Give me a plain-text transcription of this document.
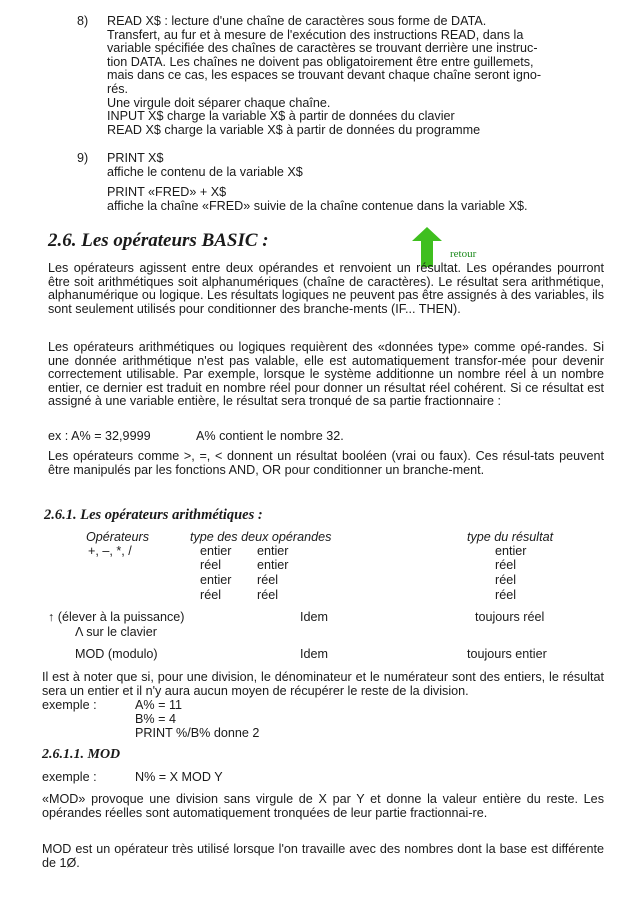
8) READ X$ : lecture d'une chaîne de caractères sous forme de DATA.
Transfert, au fur et à mesure de l'exécution des instructions READ, dans la
variable spécifiée des chaînes de caractères se trouvant derrière une instruc-
tion DATA. Les chaînes ne doivent pas obligatoirement être entre guillemets,
mais dans ce cas, les espaces se trouvant devant chaque chaîne seront igno-
rés.
Une virgule doit séparer chaque chaîne.
INPUT X$ charge la variable X$ à partir de données du clavier
READ X$ charge la variable X$ à partir de données du programme
9) PRINT X$
affiche le contenu de la variable X$
PRINT «FRED» + X$
affiche la chaîne «FRED» suivie de la chaîne contenue dans la variable X$.
2.6. Les opérateurs BASIC :
retour
Les opérateurs agissent entre deux opérandes et renvoient un résultat. Les opérandes pourront être soit arithmétiques soit alphanumériques (chaîne de caractères). Le résultat sera arithmétique, alphanumérique ou logique. Les résultats logiques ne peuvent pas être assignés à des variables, ils sont seulement utilisés pour conditionner des branche-ments (IF... THEN).
Les opérateurs arithmétiques ou logiques requièrent des «données type» comme opé-randes. Si une donnée arithmétique n'est pas valable, elle est automatiquement transfor-mée pour devenir correctement utilisable. Par exemple, lorsque le système additionne un nombre réel à un nombre entier, ce dernier est traduit en nombre réel pour donner un résultat réel cohérent. Si ce résultat est assigné à une variable entière, le résultat sera tronqué de sa partie fractionnaire :
ex : A% = 32,9999	A% contient le nombre 32.
Les opérateurs comme >, =, < donnent un résultat booléen (vrai ou faux). Ces résul-tats peuvent être manipulés par les fonctions AND, OR pour conditionner un branche-ment.
2.6.1. Les opérateurs arithmétiques :
Opérateurs	type des deux opérandes	type du résultat
+, –, *, /	entier entier	entier
réel	entier	réel
entier réel	réel
réel	réel	réel
↑ (élever à la puissance)	Idem	toujours réel
Λ sur le clavier
MOD (modulo)	Idem	toujours entier
Il est à noter que si, pour une division, le dénominateur et le numérateur sont des entiers, le résultat sera un entier et il n'y aura aucun moyen de récupérer le reste de la division.
exemple :	A% = 11
B% = 4
PRINT %/B% donne 2
2.6.1.1. MOD
exemple :	N% = X MOD Y
«MOD» provoque une division sans virgule de X par Y et donne la valeur entière du reste. Les opérandes réelles sont automatiquement tronquées de leur partie fractionnai-re.
MOD est un opérateur très utilisé lorsque l'on travaille avec des nombres dont la base est différente de 1Ø.
